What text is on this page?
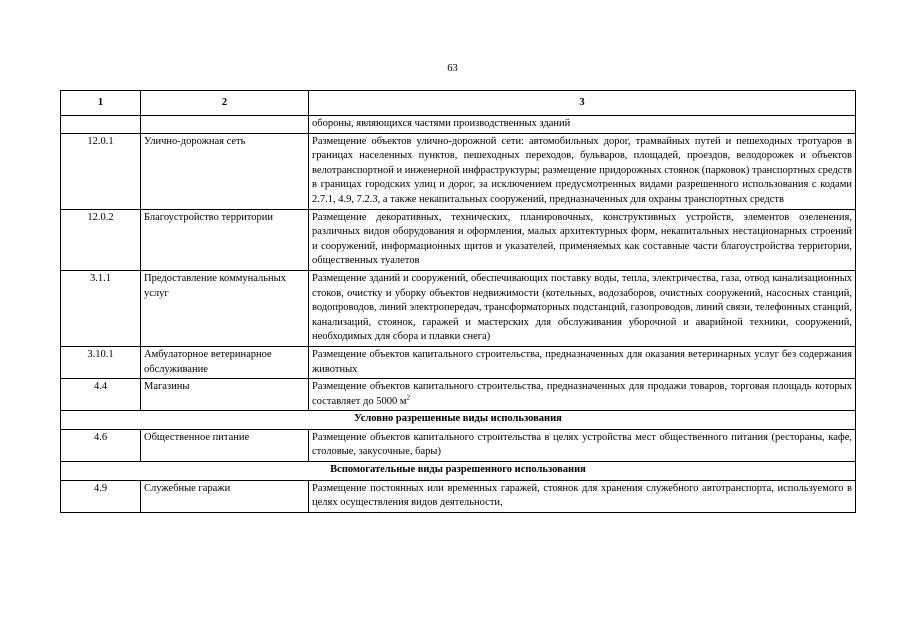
63
1	2	3
		обороны, являющихся частями производственных зданий
12.0.1	Улично-дорожная сеть	Размещение объектов улично-дорожной сети: автомобильных дорог, трамвайных путей и пешеходных тротуаров в границах населенных пунктов, пешеходных переходов, бульваров, площадей, проездов, велодорожек и объектов велотранспортной и инженерной инфраструктуры; размещение придорожных стоянок (парковок) транспортных средств в границах городских улиц и дорог, за исключением предусмотренных видами разрешенного использования с кодами 2.7.1, 4.9, 7.2.3, а также некапитальных сооружений, предназначенных для охраны транспортных средств
12.0.2	Благоустройство территории	Размещение декоративных, технических, планировочных, конструктивных устройств, элементов озеленения, различных видов оборудования и оформления, малых архитектурных форм, некапитальных нестационарных строений и сооружений, информационных щитов и указателей, применяемых как составные части благоустройства территории, общественных туалетов
3.1.1	Предоставление коммунальных услуг	Размещение зданий и сооружений, обеспечивающих поставку воды, тепла, электричества, газа, отвод канализационных стоков, очистку и уборку объектов недвижимости (котельных, водозаборов, очистных сооружений, насосных станций, водопроводов, линий электропередач, трансформаторных подстанций, газопроводов, линий связи, телефонных станций, канализаций, стоянок, гаражей и мастерских для обслуживания уборочной и аварийной техники, сооружений, необходимых для сбора и плавки снега)
3.10.1	Амбулаторное ветеринарное обслуживание	Размещение объектов капитального строительства, предназначенных для оказания ветеринарных услуг без содержания животных
4.4	Магазины	Размещение объектов капитального строительства, предназначенных для продажи товаров, торговая площадь которых составляет до 5000 $м^2$
Условно разрешенные виды использования		
4.6	Общественное питание	Размещение объектов капитального строительства в целях устройства мест общественного питания (рестораны, кафе, столовые, закусочные, бары)
Вспомогательные виды разрешенного использования		
4.9	Служебные гаражи	Размещение постоянных или временных гаражей, стоянок для хранения служебного автотранспорта, используемого в целях осуществления видов деятельности,
